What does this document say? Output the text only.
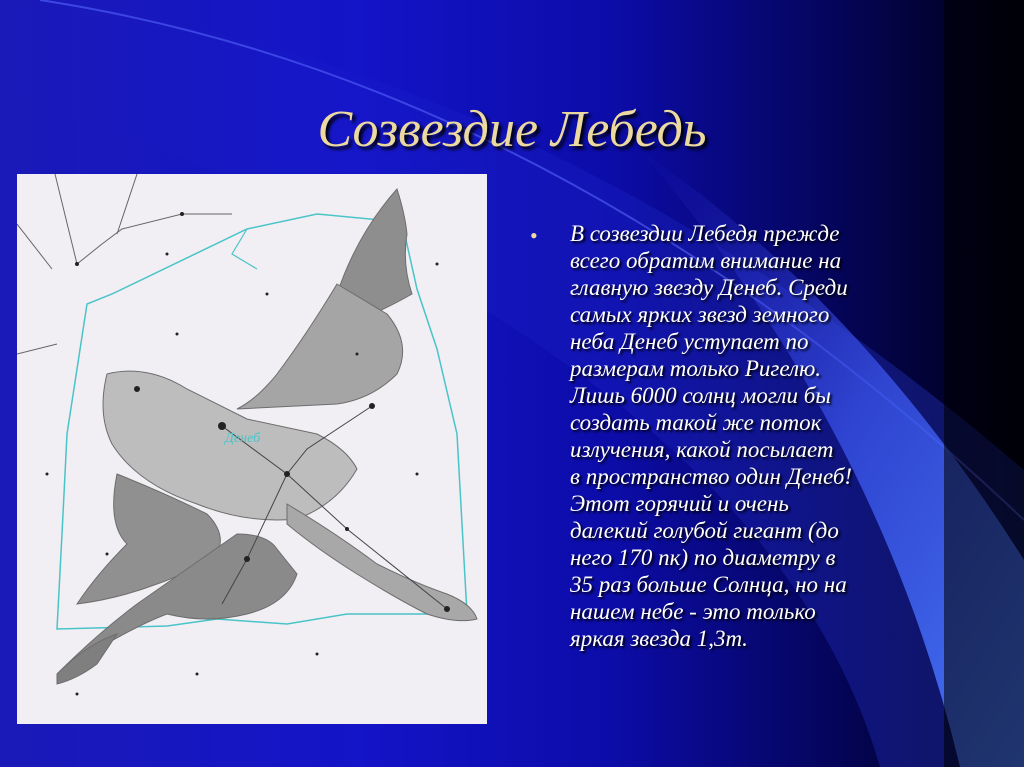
Созвездие Лебедь
Денеб
•	В созвездии Лебедя прежде
всего обратим внимание на
главную звезду Денеб. Среди
самых ярких звезд земного
неба Денеб уступает по
размерам только Ригелю.
Лишь 6000 солнц могли бы
создать такой же поток
излучения, какой посылает
в пространство один Денеб!
Этот горячий и очень
далекий голубой гигант (до
него 170 пк) по диаметру в
35 раз больше Солнца, но на
нашем небе - это только
яркая звезда 1,3m.
